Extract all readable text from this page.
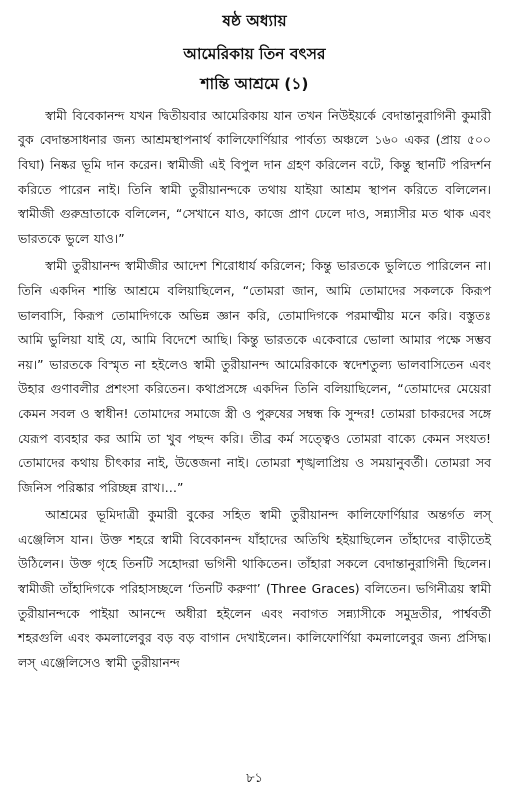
ষষ্ঠ অধ্যায়
আমেরিকায় তিন বৎসর
শান্তি আশ্রমে (১)

স্বামী বিবেকানন্দ যখন দ্বিতীয়বার আমেরিকায় যান তখন নিউইয়র্কে বেদান্তানুরাগিনী কুমারী বুক বেদান্তসাধনার জন্য আশ্রমস্থাপনার্থ কালিফোর্ণিয়ার পার্বত্য অঞ্চলে ১৬০ একর (প্রায় ৫০০ বিঘা) নিষ্কর ভূমি দান করেন। স্বামীজী এই বিপুল দান গ্রহণ করিলেন বটে, কিন্তু স্থানটি পরিদর্শন করিতে পারেন নাই। তিনি স্বামী তুরীয়ানন্দকে তথায় যাইয়া আশ্রম স্থাপন করিতে বলিলেন। স্বামীজী গুরুভ্রাতাকে বলিলেন, “সেখানে যাও, কাজে প্রাণ ঢেলে দাও, সন্ন্যাসীর মত থাক এবং ভারতকে ভুলে যাও।”

স্বামী তুরীয়ানন্দ স্বামীজীর আদেশ শিরোধার্য করিলেন; কিন্তু ভারতকে ভুলিতে পারিলেন না। তিনি একদিন শান্তি আশ্রমে বলিয়াছিলেন, “তোমরা জান, আমি তোমাদের সকলকে কিরূপ ভালবাসি, কিরূপ তোমাদিগকে অভিন্ন জ্ঞান করি, তোমাদিগকে পরমাত্মীয় মনে করি। বস্তুতঃ আমি ভুলিয়া যাই যে, আমি বিদেশে আছি। কিন্তু ভারতকে একেবারে ভোলা আমার পক্ষে সম্ভব নয়।” ভারতকে বিস্মৃত না হইলেও স্বামী তুরীয়ানন্দ আমেরিকাকে স্বদেশতুল্য ভালবাসিতেন এবং উহার গুণাবলীর প্রশংসা করিতেন। কথাপ্রসঙ্গে একদিন তিনি বলিয়াছিলেন, “তোমাদের মেয়েরা কেমন সবল ও স্বাধীন! তোমাদের সমাজে স্ত্রী ও পুরুষের সম্বন্ধ কি সুন্দর! তোমরা চাকরদের সঙ্গে যেরূপ ব্যবহার কর আমি তা খুব পছন্দ করি। তীব্র কর্ম সত্ত্বেও তোমরা বাক্যে কেমন সংযত! তোমাদের কথায় চীৎকার নাই, উত্তেজনা নাই। তোমরা শৃঙ্খলাপ্রিয় ও সময়ানুবর্তী। তোমরা সব জিনিস পরিষ্কার পরিচ্ছন্ন রাখ।…”

আশ্রমের ভূমিদাত্রী কুমারী বুকের সহিত স্বামী তুরীয়ানন্দ কালিফোর্ণিয়ার অন্তর্গত লস্ এঞ্জেলিস যান। উক্ত শহরে স্বামী বিবেকানন্দ যাঁহাদের অতিথি হইয়াছিলেন তাঁহাদের বাড়ীতেই উঠিলেন। উক্ত গৃহে তিনটি সহোদরা ভগিনী থাকিতেন। তাঁহারা সকলে বেদান্তানুরাগিনী ছিলেন। স্বামীজী তাঁহাদিগকে পরিহাসচ্ছলে ‘তিনটি করুণা’ (Three Graces) বলিতেন। ভগিনীত্রয় স্বামী তুরীয়ানন্দকে পাইয়া আনন্দে অধীরা হইলেন এবং নবাগত সন্ন্যাসীকে সমুদ্রতীর, পার্শ্ববর্তী শহরগুলি এবং কমলালেবুর বড় বড় বাগান দেখাইলেন। কালিফোর্ণিয়া কমলালেবুর জন্য প্রসিদ্ধ। লস্ এঞ্জেলিসেও স্বামী তুরীয়ানন্দ

৮১
